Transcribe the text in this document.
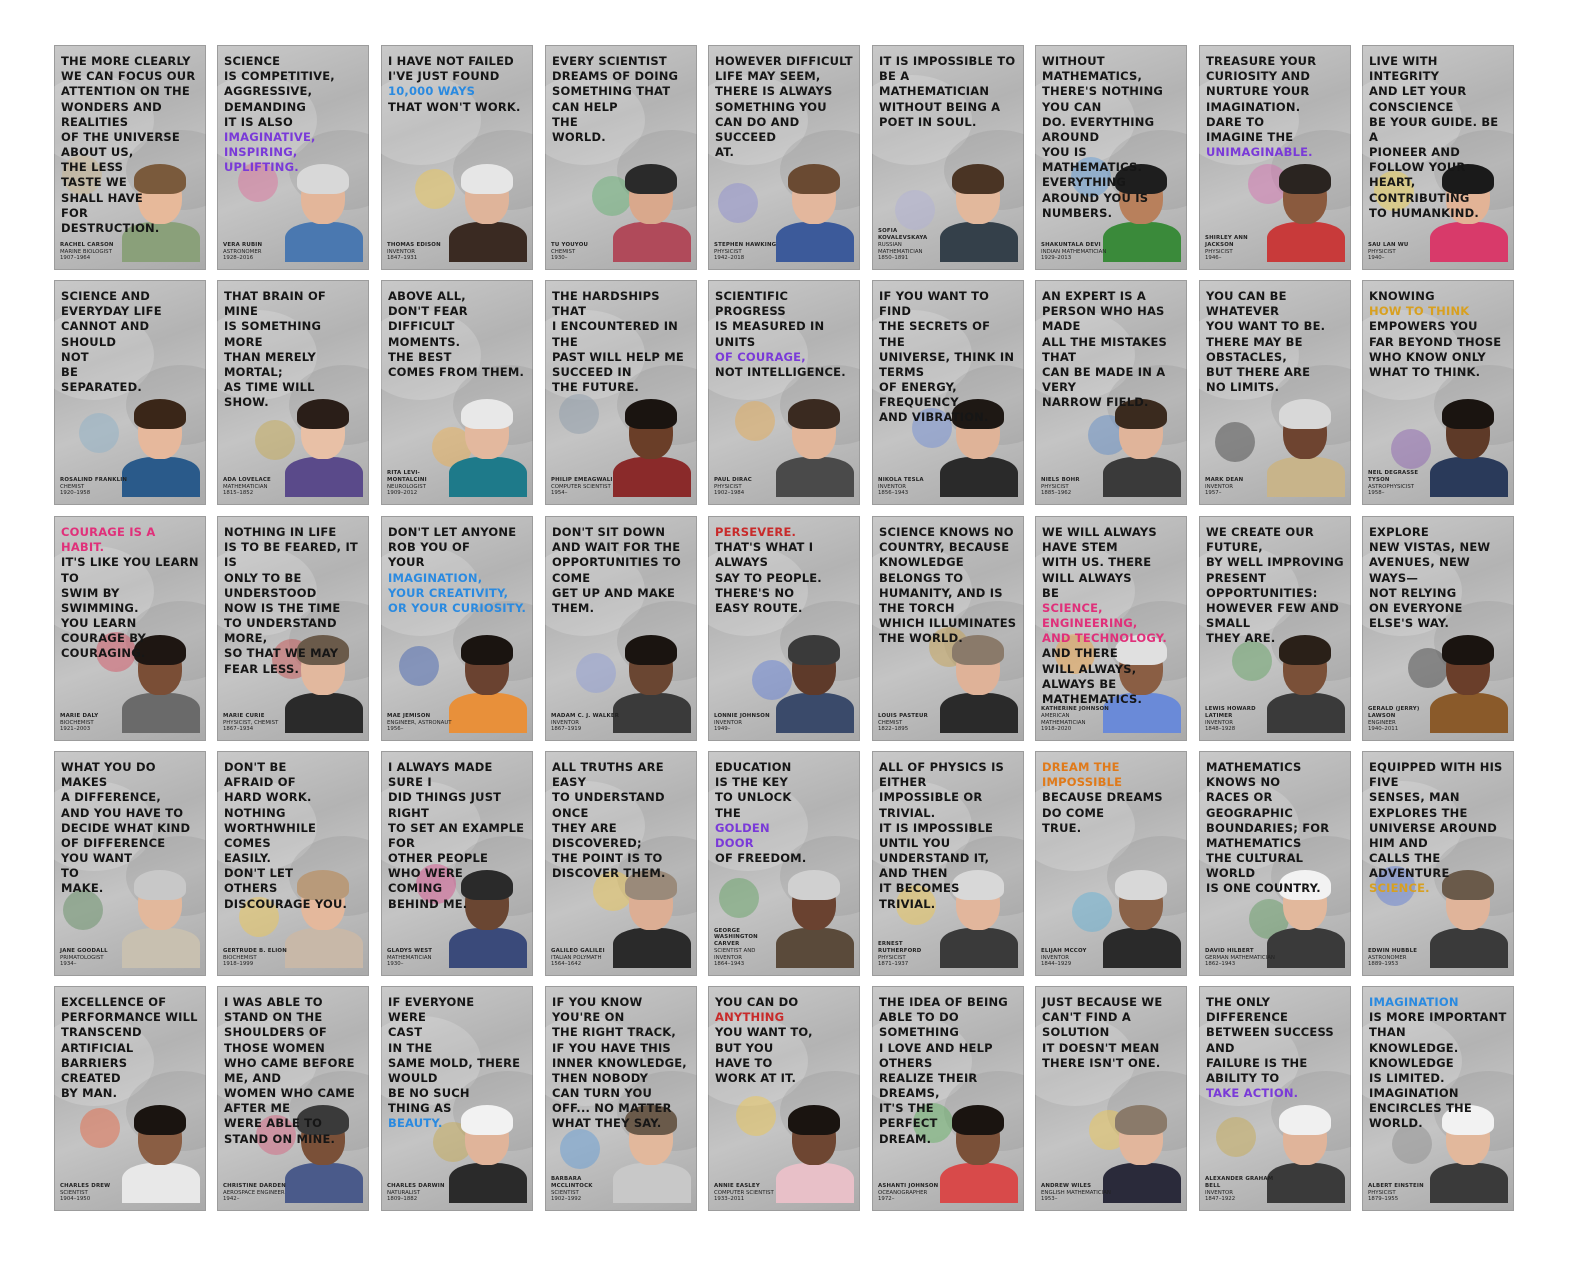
THE MORE CLEARLY
WE CAN FOCUS OUR
ATTENTION ON THE
WONDERS AND REALITIES
OF THE UNIVERSE
ABOUT US,
THE LESS
TASTE WE
SHALL HAVE
FOR
DESTRUCTION.
RACHEL CARSON
MARINE BIOLOGIST
1907–1964
SCIENCE
IS COMPETITIVE,
AGGRESSIVE, DEMANDING
IT IS ALSO
IMAGINATIVE,
INSPIRING,
UPLIFTING.
VERA RUBIN
ASTRONOMER
1928–2016
I HAVE NOT FAILED
I'VE JUST FOUND
10,000 WAYS
THAT WON'T WORK.
THOMAS EDISON
INVENTOR
1847–1931
EVERY SCIENTIST
DREAMS OF DOING
SOMETHING THAT
CAN HELP
THE
WORLD.
TU YOUYOU
CHEMIST
1930–
HOWEVER DIFFICULT
LIFE MAY SEEM,
THERE IS ALWAYS
SOMETHING YOU
CAN DO AND
SUCCEED
AT.
STEPHEN HAWKING
PHYSICIST
1942–2018
IT IS IMPOSSIBLE TO
BE A MATHEMATICIAN
WITHOUT BEING A
POET IN SOUL.
SOFIA KOVALEVSKAYA
RUSSIAN MATHEMATICIAN
1850–1891
WITHOUT MATHEMATICS,
THERE'S NOTHING YOU CAN
DO. EVERYTHING AROUND
YOU IS MATHEMATICS.
EVERYTHING
AROUND YOU IS
NUMBERS.
SHAKUNTALA DEVI
INDIAN MATHEMATICIAN
1929–2013
TREASURE YOUR
CURIOSITY AND
NURTURE YOUR
IMAGINATION.
DARE TO
IMAGINE THE
UNIMAGINABLE.
SHIRLEY ANN JACKSON
PHYSICIST
1946–
LIVE WITH INTEGRITY
AND LET YOUR CONSCIENCE
BE YOUR GUIDE. BE A
PIONEER AND
FOLLOW YOUR
HEART,
CONTRIBUTING
TO HUMANKIND.
SAU LAN WU
PHYSICIST
1940–
SCIENCE AND
EVERYDAY LIFE
CANNOT AND
SHOULD
NOT
BE
SEPARATED.
ROSALIND FRANKLIN
CHEMIST
1920–1958
THAT BRAIN OF MINE
IS SOMETHING MORE
THAN MERELY MORTAL;
AS TIME WILL SHOW.
ADA LOVELACE
MATHEMATICIAN
1815–1852
ABOVE ALL,
DON'T FEAR
DIFFICULT MOMENTS.
THE BEST
COMES FROM THEM.
RITA LEVI-MONTALCINI
NEUROLOGIST
1909–2012
THE HARDSHIPS THAT
I ENCOUNTERED IN THE
PAST WILL HELP ME
SUCCEED IN
THE FUTURE.
PHILIP EMEAGWALI
COMPUTER SCIENTIST
1954–
SCIENTIFIC PROGRESS
IS MEASURED IN UNITS
OF COURAGE,
NOT INTELLIGENCE.
PAUL DIRAC
PHYSICIST
1902–1984
IF YOU WANT TO FIND
THE SECRETS OF THE
UNIVERSE, THINK IN TERMS
OF ENERGY,
FREQUENCY
AND VIBRATION.
NIKOLA TESLA
INVENTOR
1856–1943
AN EXPERT IS A
PERSON WHO HAS MADE
ALL THE MISTAKES THAT
CAN BE MADE IN A VERY
NARROW FIELD.
NIELS BOHR
PHYSICIST
1885–1962
YOU CAN BE WHATEVER
YOU WANT TO BE.
THERE MAY BE OBSTACLES,
BUT THERE ARE
NO LIMITS.
MARK DEAN
INVENTOR
1957–
KNOWING
HOW TO THINK
EMPOWERS YOU
FAR BEYOND THOSE
WHO KNOW ONLY
WHAT TO THINK.
NEIL DEGRASSE TYSON
ASTROPHYSICIST
1958–
COURAGE IS A HABIT.
IT'S LIKE YOU LEARN TO
SWIM BY SWIMMING.
YOU LEARN
COURAGE BY
COURAGING.
MARIE DALY
BIOCHEMIST
1921–2003
NOTHING IN LIFE
IS TO BE FEARED, IT IS
ONLY TO BE UNDERSTOOD
NOW IS THE TIME
TO UNDERSTAND
MORE,
SO THAT WE MAY
FEAR LESS.
MARIE CURIE
PHYSICIST, CHEMIST
1867–1934
DON'T LET ANYONE
ROB YOU OF
YOUR
IMAGINATION,
YOUR CREATIVITY,
OR YOUR CURIOSITY.
MAE JEMISON
ENGINEER, ASTRONAUT
1956–
DON'T SIT DOWN
AND WAIT FOR THE
OPPORTUNITIES TO COME
GET UP AND MAKE THEM.
MADAM C. J. WALKER
INVENTOR
1867–1919
PERSEVERE.
THAT'S WHAT I ALWAYS
SAY TO PEOPLE.
THERE'S NO
EASY ROUTE.
LONNIE JOHNSON
INVENTOR
1949–
SCIENCE KNOWS NO
COUNTRY, BECAUSE
KNOWLEDGE BELONGS TO
HUMANITY, AND IS THE TORCH
WHICH ILLUMINATES
THE WORLD.
LOUIS PASTEUR
CHEMIST
1822–1895
WE WILL ALWAYS HAVE STEM
WITH US. THERE WILL ALWAYS
BE
SCIENCE, ENGINEERING,
AND TECHNOLOGY.
AND THERE
WILL ALWAYS,
ALWAYS BE
MATHEMATICS.
KATHERINE JOHNSON
AMERICAN MATHEMATICIAN
1918–2020
WE CREATE OUR FUTURE,
BY WELL IMPROVING
PRESENT OPPORTUNITIES:
HOWEVER FEW AND SMALL
THEY ARE.
LEWIS HOWARD LATIMER
INVENTOR
1848–1928
EXPLORE
NEW VISTAS, NEW
AVENUES, NEW WAYS—
NOT RELYING
ON EVERYONE
ELSE'S WAY.
GERALD (JERRY) LAWSON
ENGINEER
1940–2011
WHAT YOU DO MAKES
A DIFFERENCE,
AND YOU HAVE TO
DECIDE WHAT KIND
OF DIFFERENCE
YOU WANT
TO
MAKE.
JANE GOODALL
PRIMATOLOGIST
1934–
DON'T BE
AFRAID OF
HARD WORK. NOTHING
WORTHWHILE COMES
EASILY.
DON'T LET
OTHERS
DISCOURAGE YOU.
GERTRUDE B. ELION
BIOCHEMIST
1918–1999
I ALWAYS MADE SURE I
DID THINGS JUST RIGHT
TO SET AN EXAMPLE FOR
OTHER PEOPLE
WHO WERE
COMING
BEHIND ME.
GLADYS WEST
MATHEMATICIAN
1930–
ALL TRUTHS ARE EASY
TO UNDERSTAND ONCE
THEY ARE DISCOVERED;
THE POINT IS TO
DISCOVER THEM.
GALILEO GALILEI
ITALIAN POLYMATH
1564–1642
EDUCATION
IS THE KEY
TO UNLOCK
THE
GOLDEN
DOOR
OF FREEDOM.
GEORGE WASHINGTON CARVER
SCIENTIST AND INVENTOR
1864–1943
ALL OF PHYSICS IS EITHER
IMPOSSIBLE OR TRIVIAL.
IT IS IMPOSSIBLE UNTIL YOU
UNDERSTAND IT, AND THEN
IT BECOMES
TRIVIAL.
ERNEST RUTHERFORD
PHYSICIST
1871–1937
DREAM THE
IMPOSSIBLE
BECAUSE DREAMS
DO COME
TRUE.
ELIJAH MCCOY
INVENTOR
1844–1929
MATHEMATICS KNOWS NO
RACES OR GEOGRAPHIC
BOUNDARIES; FOR MATHEMATICS
THE CULTURAL WORLD
IS ONE COUNTRY.
DAVID HILBERT
GERMAN MATHEMATICIAN
1862–1943
EQUIPPED WITH HIS FIVE
SENSES, MAN EXPLORES THE
UNIVERSE AROUND HIM AND
CALLS THE ADVENTURE
SCIENCE.
EDWIN HUBBLE
ASTRONOMER
1889–1953
EXCELLENCE OF
PERFORMANCE WILL
TRANSCEND ARTIFICIAL
BARRIERS
CREATED
BY MAN.
CHARLES DREW
SCIENTIST
1904–1950
I WAS ABLE TO STAND ON THE
SHOULDERS OF THOSE WOMEN
WHO CAME BEFORE ME, AND
WOMEN WHO CAME AFTER ME
WERE ABLE TO STAND ON MINE.
CHRISTINE DARDEN
AEROSPACE ENGINEER
1942–
IF EVERYONE
WERE
CAST
IN THE
SAME MOLD, THERE WOULD
BE NO SUCH
THING AS
BEAUTY.
CHARLES DARWIN
NATURALIST
1809–1882
IF YOU KNOW YOU'RE ON
THE RIGHT TRACK,
IF YOU HAVE THIS
INNER KNOWLEDGE,
THEN NOBODY
CAN TURN YOU
OFF... NO MATTER
WHAT THEY SAY.
BARBARA MCCLINTOCK
SCIENTIST
1902–1992
YOU CAN DO
ANYTHING
YOU WANT TO,
BUT YOU
HAVE TO
WORK AT IT.
ANNIE EASLEY
COMPUTER SCIENTIST
1933–2011
THE IDEA OF BEING
ABLE TO DO SOMETHING
I LOVE AND HELP OTHERS
REALIZE THEIR DREAMS,
IT'S THE
PERFECT
DREAM.
ASHANTI JOHNSON
OCEANOGRAPHER
1972–
JUST BECAUSE WE
CAN'T FIND A SOLUTION
IT DOESN'T MEAN
THERE ISN'T ONE.
ANDREW WILES
ENGLISH MATHEMATICIAN
1953–
THE ONLY DIFFERENCE
BETWEEN SUCCESS AND
FAILURE IS THE ABILITY TO
TAKE ACTION.
ALEXANDER GRAHAM BELL
INVENTOR
1847–1922
IMAGINATION
IS MORE IMPORTANT THAN
KNOWLEDGE. KNOWLEDGE
IS LIMITED. IMAGINATION
ENCIRCLES THE WORLD.
ALBERT EINSTEIN
PHYSICIST
1879–1955
